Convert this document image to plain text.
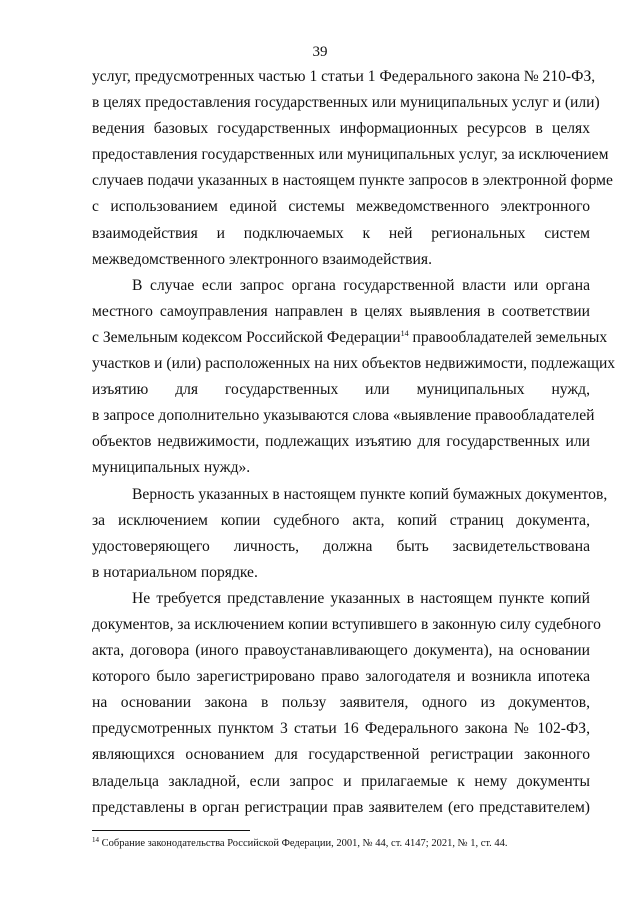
39
услуг, предусмотренных частью 1 статьи 1 Федерального закона № 210-ФЗ,
в целях предоставления государственных или муниципальных услуг и (или)
ведения базовых государственных информационных ресурсов в целях
предоставления государственных или муниципальных услуг, за исключением
случаев подачи указанных в настоящем пункте запросов в электронной форме
с использованием единой системы межведомственного электронного
взаимодействия и подключаемых к ней региональных систем
межведомственного электронного взаимодействия.
В случае если запрос органа государственной власти или органа
местного самоуправления направлен в целях выявления в соответствии
с Земельным кодексом Российской Федерации$^{14}$ правообладателей земельных
участков и (или) расположенных на них объектов недвижимости, подлежащих
изъятию для государственных или муниципальных нужд,
в запросе дополнительно указываются слова «выявление правообладателей
объектов недвижимости, подлежащих изъятию для государственных или
муниципальных нужд».
Верность указанных в настоящем пункте копий бумажных документов,
за исключением копии судебного акта, копий страниц документа,
удостоверяющего личность, должна быть засвидетельствована
в нотариальном порядке.
Не требуется представление указанных в настоящем пункте копий
документов, за исключением копии вступившего в законную силу судебного
акта, договора (иного правоустанавливающего документа), на основании
которого было зарегистрировано право залогодателя и возникла ипотека
на основании закона в пользу заявителя, одного из документов,
предусмотренных пунктом 3 статьи 16 Федерального закона № 102-ФЗ,
являющихся основанием для государственной регистрации законного
владельца закладной, если запрос и прилагаемые к нему документы
представлены в орган регистрации прав заявителем (его представителем)
$^{14}$ Собрание законодательства Российской Федерации, 2001, № 44, ст. 4147; 2021, № 1, ст. 44.
